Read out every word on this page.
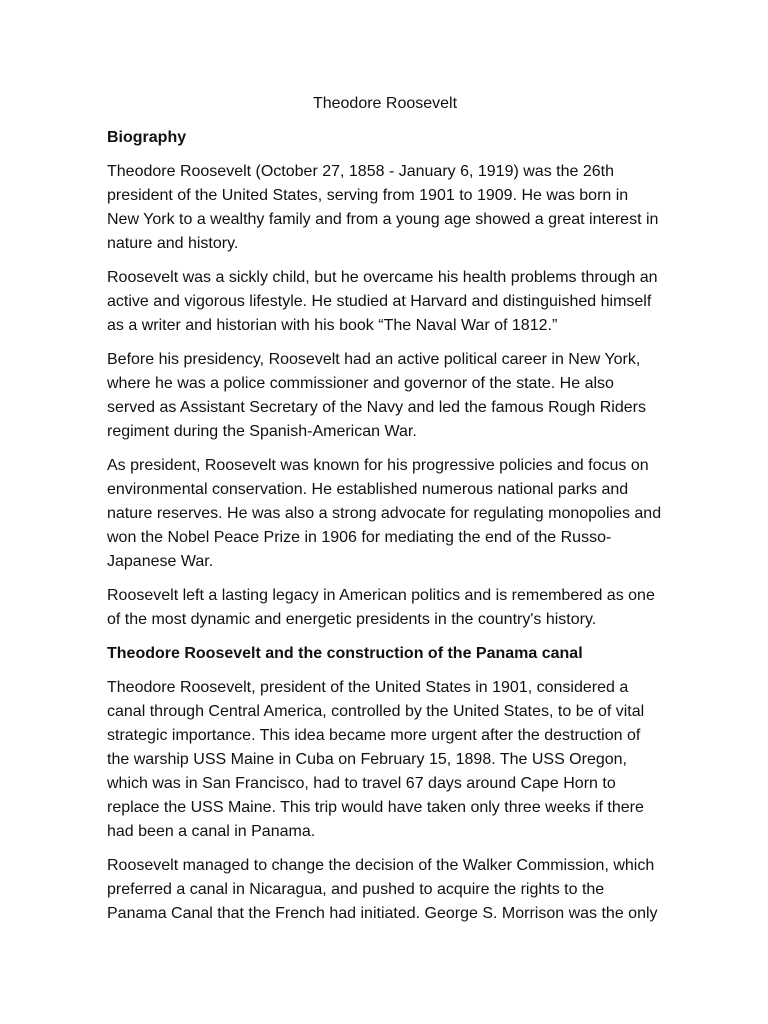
Theodore Roosevelt
Biography

Theodore Roosevelt (October 27, 1858 - January 6, 1919) was the 26th president of the United States, serving from 1901 to 1909. He was born in New York to a wealthy family and from a young age showed a great interest in nature and history.

Roosevelt was a sickly child, but he overcame his health problems through an active and vigorous lifestyle. He studied at Harvard and distinguished himself as a writer and historian with his book “The Naval War of 1812.”

Before his presidency, Roosevelt had an active political career in New York, where he was a police commissioner and governor of the state. He also served as Assistant Secretary of the Navy and led the famous Rough Riders regiment during the Spanish-American War.

As president, Roosevelt was known for his progressive policies and focus on environmental conservation. He established numerous national parks and nature reserves. He was also a strong advocate for regulating monopolies and won the Nobel Peace Prize in 1906 for mediating the end of the Russo-Japanese War.

Roosevelt left a lasting legacy in American politics and is remembered as one of the most dynamic and energetic presidents in the country's history.

Theodore Roosevelt and the construction of the Panama canal

Theodore Roosevelt, president of the United States in 1901, considered a canal through Central America, controlled by the United States, to be of vital strategic importance. This idea became more urgent after the destruction of the warship USS Maine in Cuba on February 15, 1898. The USS Oregon, which was in San Francisco, had to travel 67 days around Cape Horn to replace the USS Maine. This trip would have taken only three weeks if there had been a canal in Panama.

Roosevelt managed to change the decision of the Walker Commission, which preferred a canal in Nicaragua, and pushed to acquire the rights to the Panama Canal that the French had initiated. George S. Morrison was the only
